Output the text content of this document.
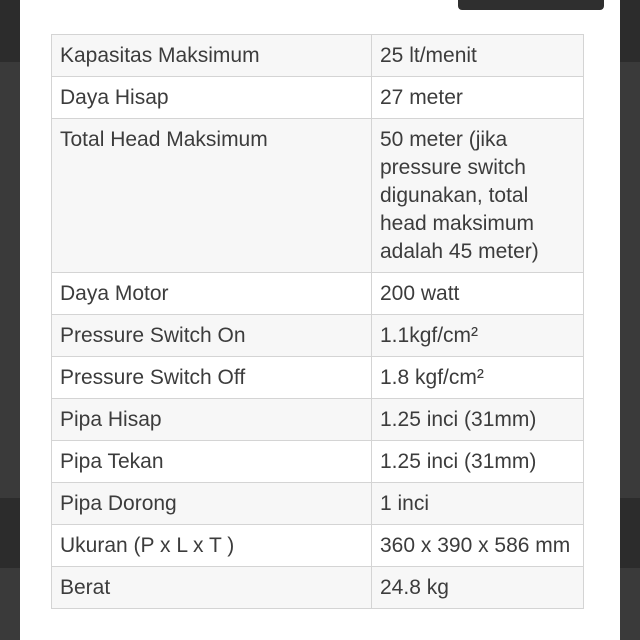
Kapasitas Maksimum	25 lt/menit
Daya Hisap	27 meter
Total Head Maksimum	50 meter (jika pressure switch digunakan, total head maksimum adalah 45 meter)
Daya Motor	200 watt
Pressure Switch On	1.1kgf/cm²
Pressure Switch Off	1.8 kgf/cm²
Pipa Hisap	1.25 inci (31mm)
Pipa Tekan	1.25 inci (31mm)
Pipa Dorong	1 inci
Ukuran (P x L x T )	360 x 390 x 586 mm
Berat	24.8 kg
